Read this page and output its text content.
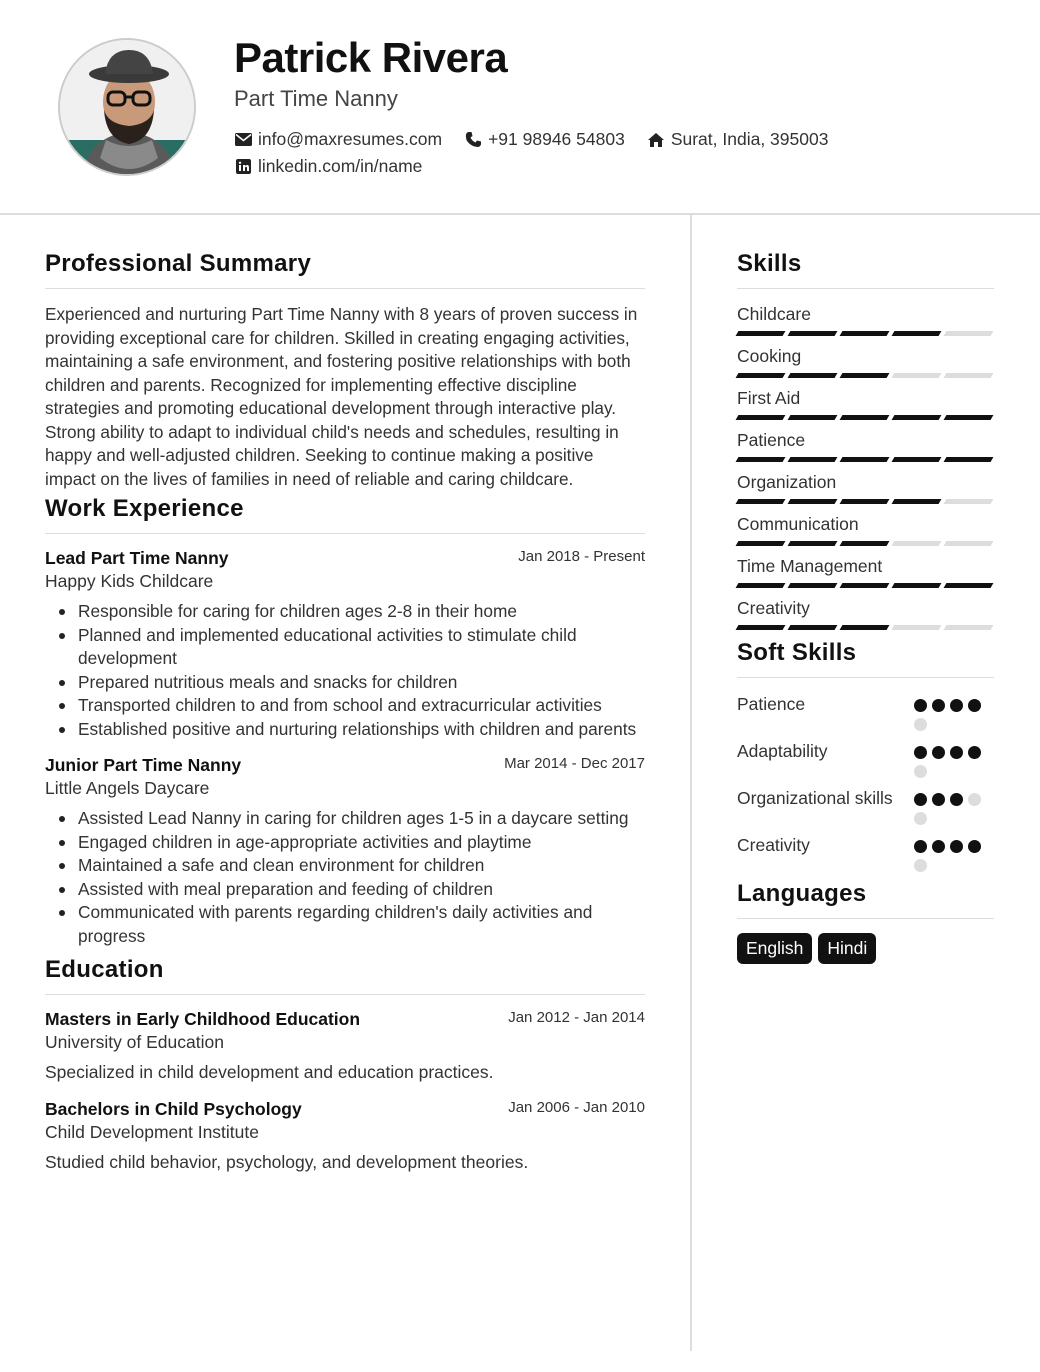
Patrick Rivera
Part Time Nanny
info@maxresumes.com	+91 98946 54803	Surat, India, 395003
linkedin.com/in/name
Professional Summary
Experienced and nurturing Part Time Nanny with 8 years of proven success in providing exceptional care for children. Skilled in creating engaging activities, maintaining a safe environment, and fostering positive relationships with both children and parents. Recognized for implementing effective discipline strategies and promoting educational development through interactive play. Strong ability to adapt to individual child's needs and schedules, resulting in happy and well-adjusted children. Seeking to continue making a positive impact on the lives of families in need of reliable and caring childcare.
Work Experience
Lead Part Time Nanny	Jan 2018 - Present
Happy Kids Childcare
Responsible for caring for children ages 2-8 in their home
Planned and implemented educational activities to stimulate child development
Prepared nutritious meals and snacks for children
Transported children to and from school and extracurricular activities
Established positive and nurturing relationships with children and parents
Junior Part Time Nanny	Mar 2014 - Dec 2017
Little Angels Daycare
Assisted Lead Nanny in caring for children ages 1-5 in a daycare setting
Engaged children in age-appropriate activities and playtime
Maintained a safe and clean environment for children
Assisted with meal preparation and feeding of children
Communicated with parents regarding children's daily activities and progress
Education
Masters in Early Childhood Education	Jan 2012 - Jan 2014
University of Education
Specialized in child development and education practices.
Bachelors in Child Psychology	Jan 2006 - Jan 2010
Child Development Institute
Studied child behavior, psychology, and development theories.
Skills
Childcare
Cooking
First Aid
Patience
Organization
Communication
Time Management
Creativity
Soft Skills
Patience
Adaptability
Organizational skills
Creativity
Languages
English	Hindi
